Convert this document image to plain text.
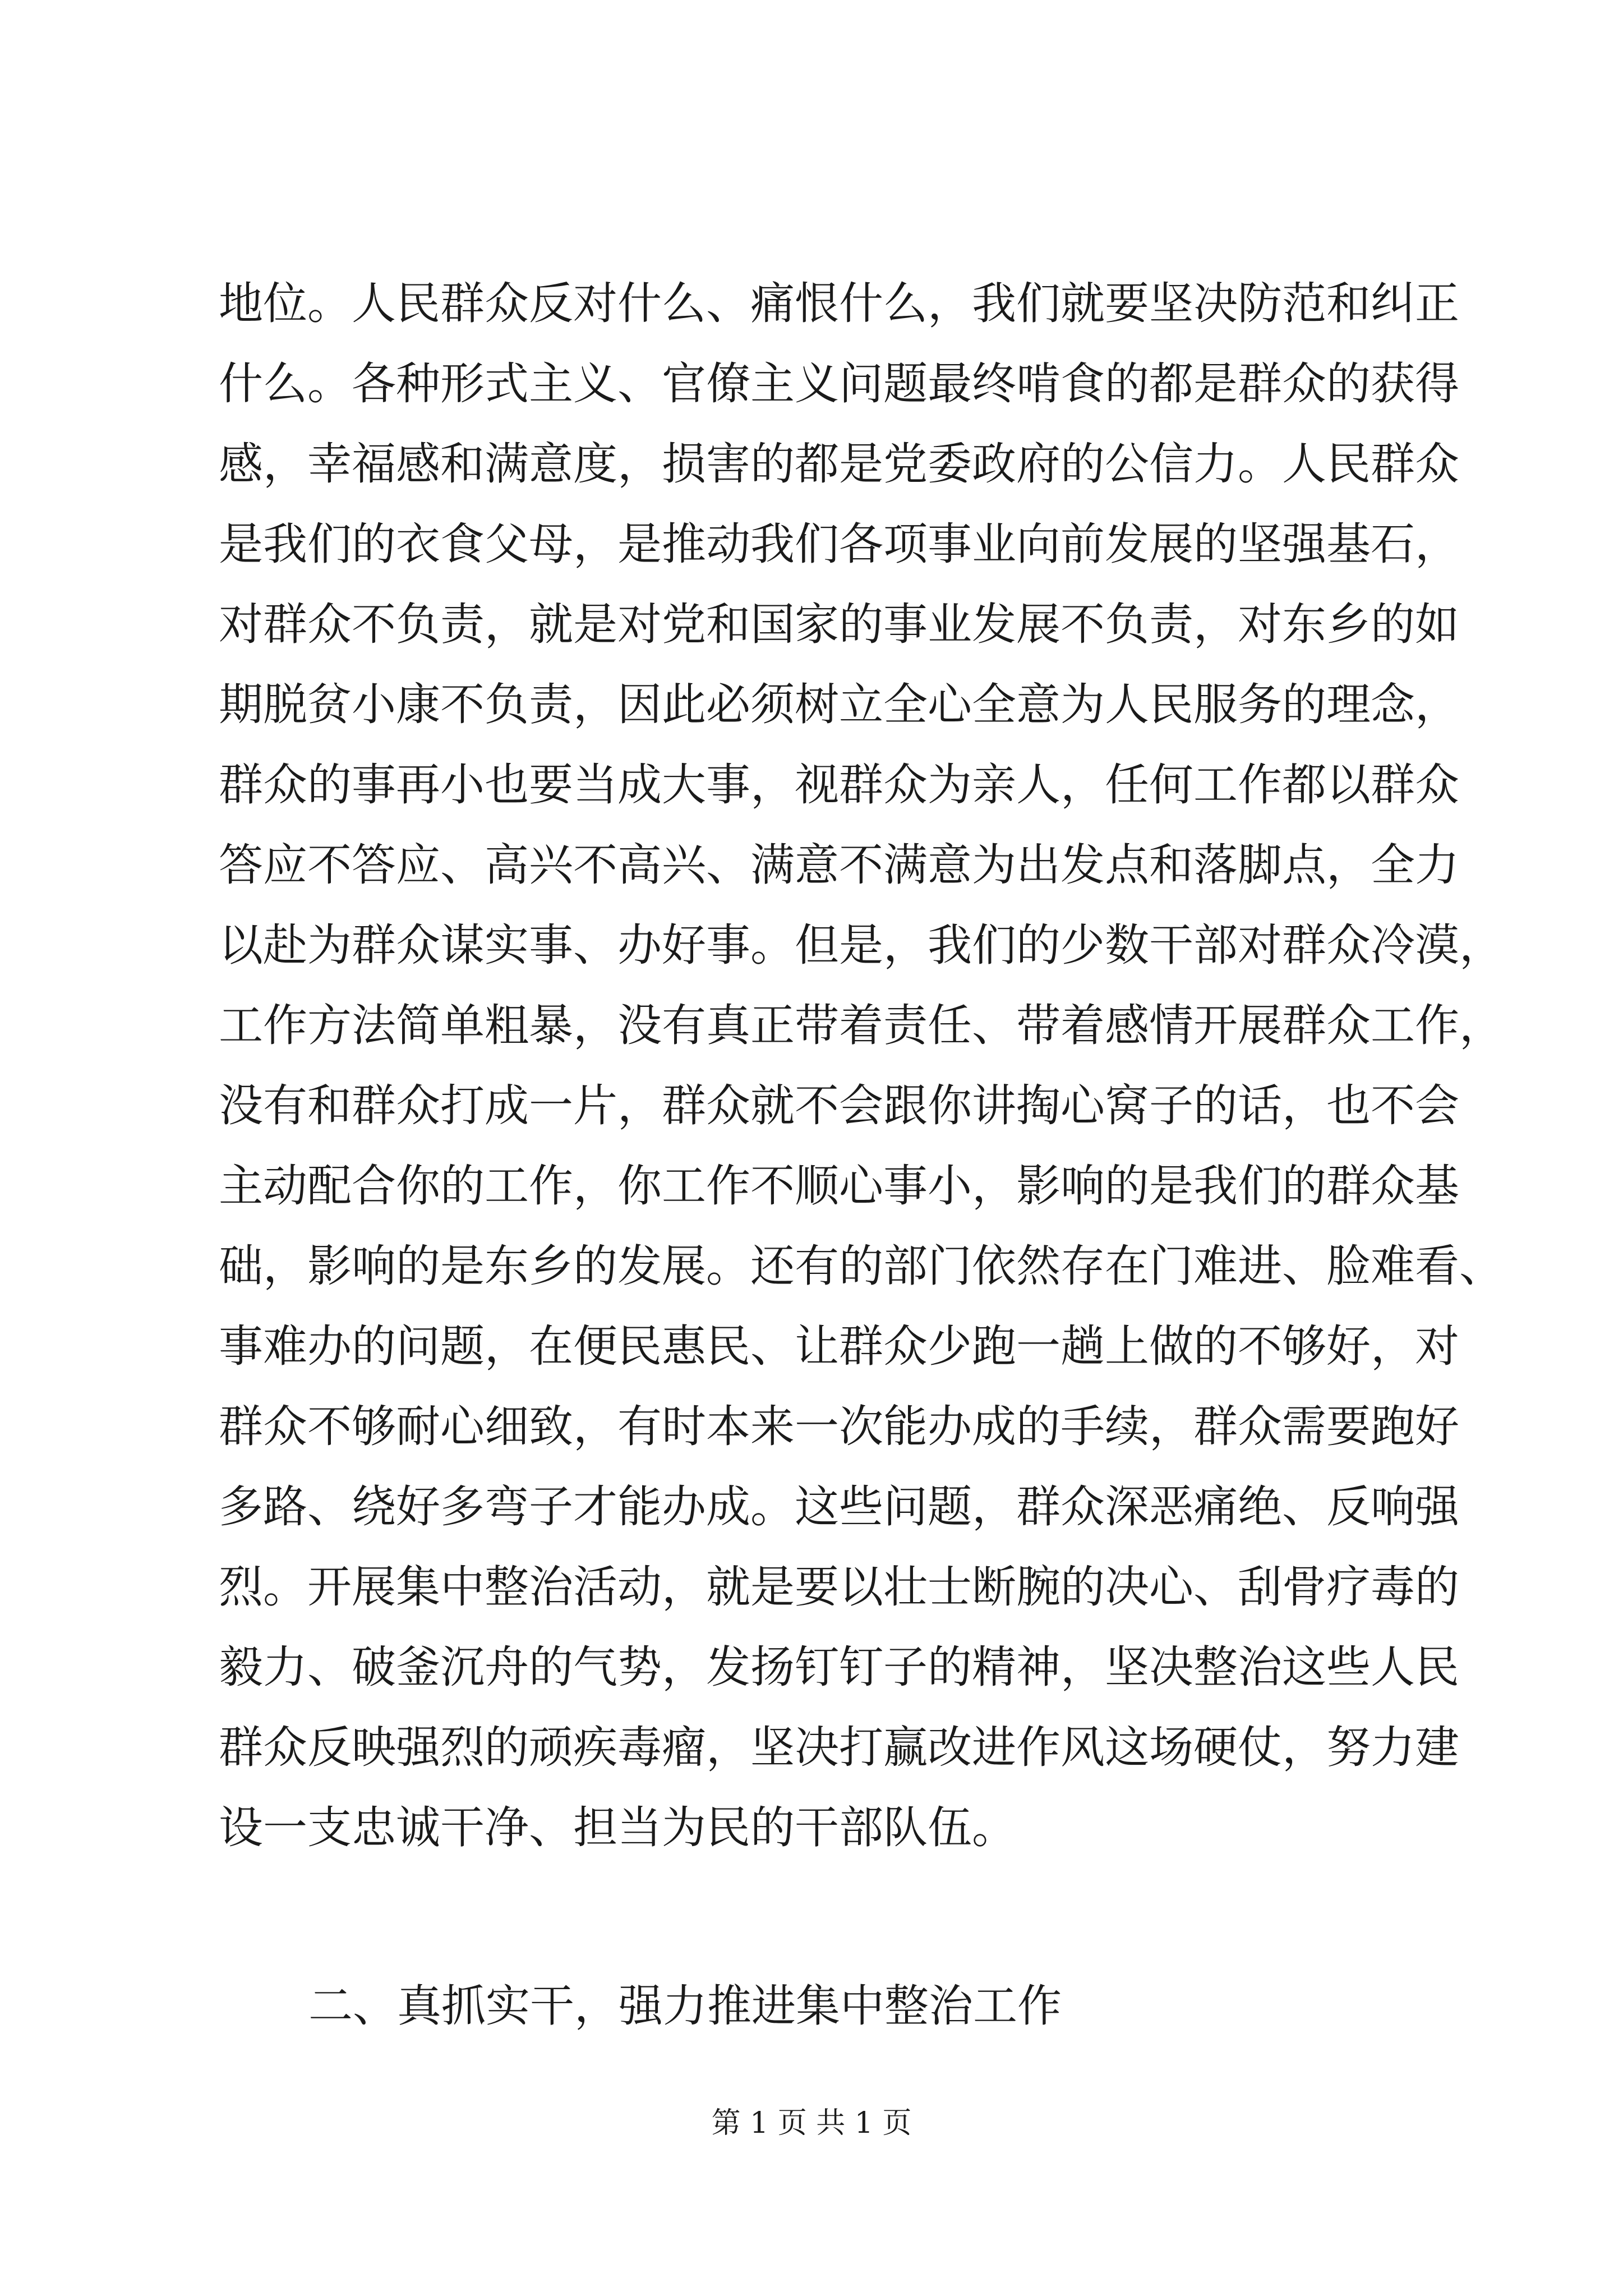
地位。人民群众反对什么、痛恨什么，我们就要坚决防范和纠正
什么。各种形式主义、官僚主义问题最终啃食的都是群众的获得
感，幸福感和满意度，损害的都是党委政府的公信力。人民群众
是我们的衣食父母，是推动我们各项事业向前发展的坚强基石，
对群众不负责，就是对党和国家的事业发展不负责，对东乡的如
期脱贫小康不负责，因此必须树立全心全意为人民服务的理念，
群众的事再小也要当成大事，视群众为亲人，任何工作都以群众
答应不答应、高兴不高兴、满意不满意为出发点和落脚点，全力
以赴为群众谋实事、办好事。但是，我们的少数干部对群众冷漠，
工作方法简单粗暴，没有真正带着责任、带着感情开展群众工作，
没有和群众打成一片，群众就不会跟你讲掏心窝子的话，也不会
主动配合你的工作，你工作不顺心事小，影响的是我们的群众基
础，影响的是东乡的发展。还有的部门依然存在门难进、脸难看、
事难办的问题，在便民惠民、让群众少跑一趟上做的不够好，对
群众不够耐心细致，有时本来一次能办成的手续，群众需要跑好
多路、绕好多弯子才能办成。这些问题，群众深恶痛绝、反响强
烈。开展集中整治活动，就是要以壮士断腕的决心、刮骨疗毒的
毅力、破釜沉舟的气势，发扬钉钉子的精神，坚决整治这些人民
群众反映强烈的顽疾毒瘤，坚决打赢改进作风这场硬仗，努力建
设一支忠诚干净、担当为民的干部队伍。
二、真抓实干，强力推进集中整治工作
第 1 页 共 1 页
